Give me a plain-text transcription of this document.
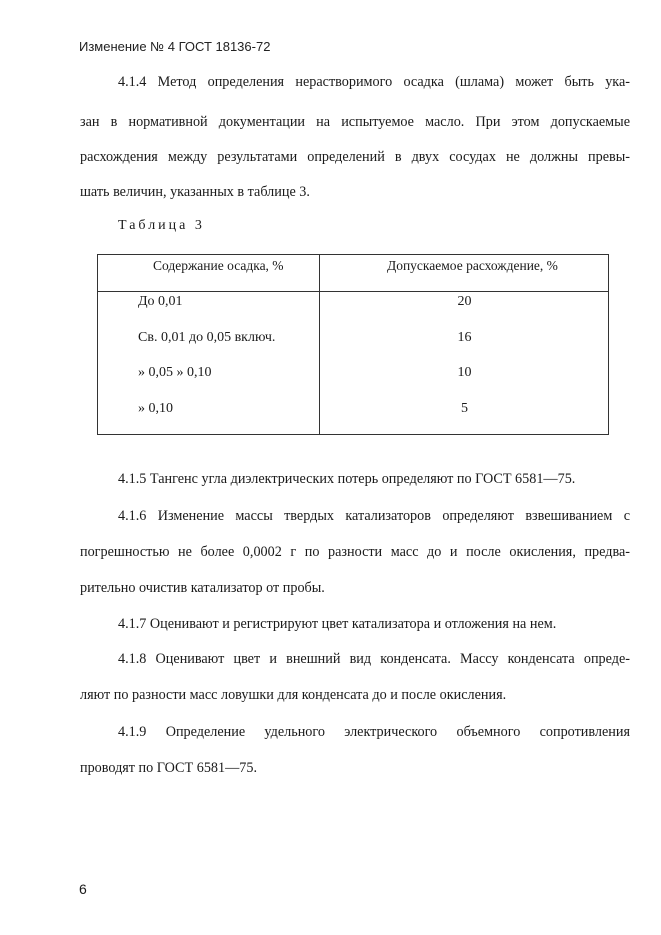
Изменение № 4 ГОСТ 18136-72
4.1.4 Метод определения нерастворимого осадка (шлама) может быть ука-
зан в нормативной документации на испытуемое масло. При этом допускаемые
расхождения между результатами определений в двух сосудах не должны превы-
шать величин, указанных в таблице 3.
Таблица 3
Содержание осадка, %	Допускаемое расхождение, %
До 0,01	20
Св. 0,01 до 0,05 включ.	16
» 0,05 » 0,10	10
» 0,10	5
4.1.5 Тангенс угла диэлектрических потерь определяют по ГОСТ 6581—75.
4.1.6 Изменение массы твердых катализаторов определяют взвешиванием с
погрешностью не более 0,0002 г по разности масс до и после окисления, предва-
рительно очистив катализатор от пробы.
4.1.7 Оценивают и регистрируют цвет катализатора и отложения на нем.
4.1.8 Оценивают цвет и внешний вид конденсата. Массу конденсата опреде-
ляют по разности масс ловушки для конденсата до и после окисления.
4.1.9 Определение удельного электрического объемного сопротивления
проводят по ГОСТ 6581—75.
6
